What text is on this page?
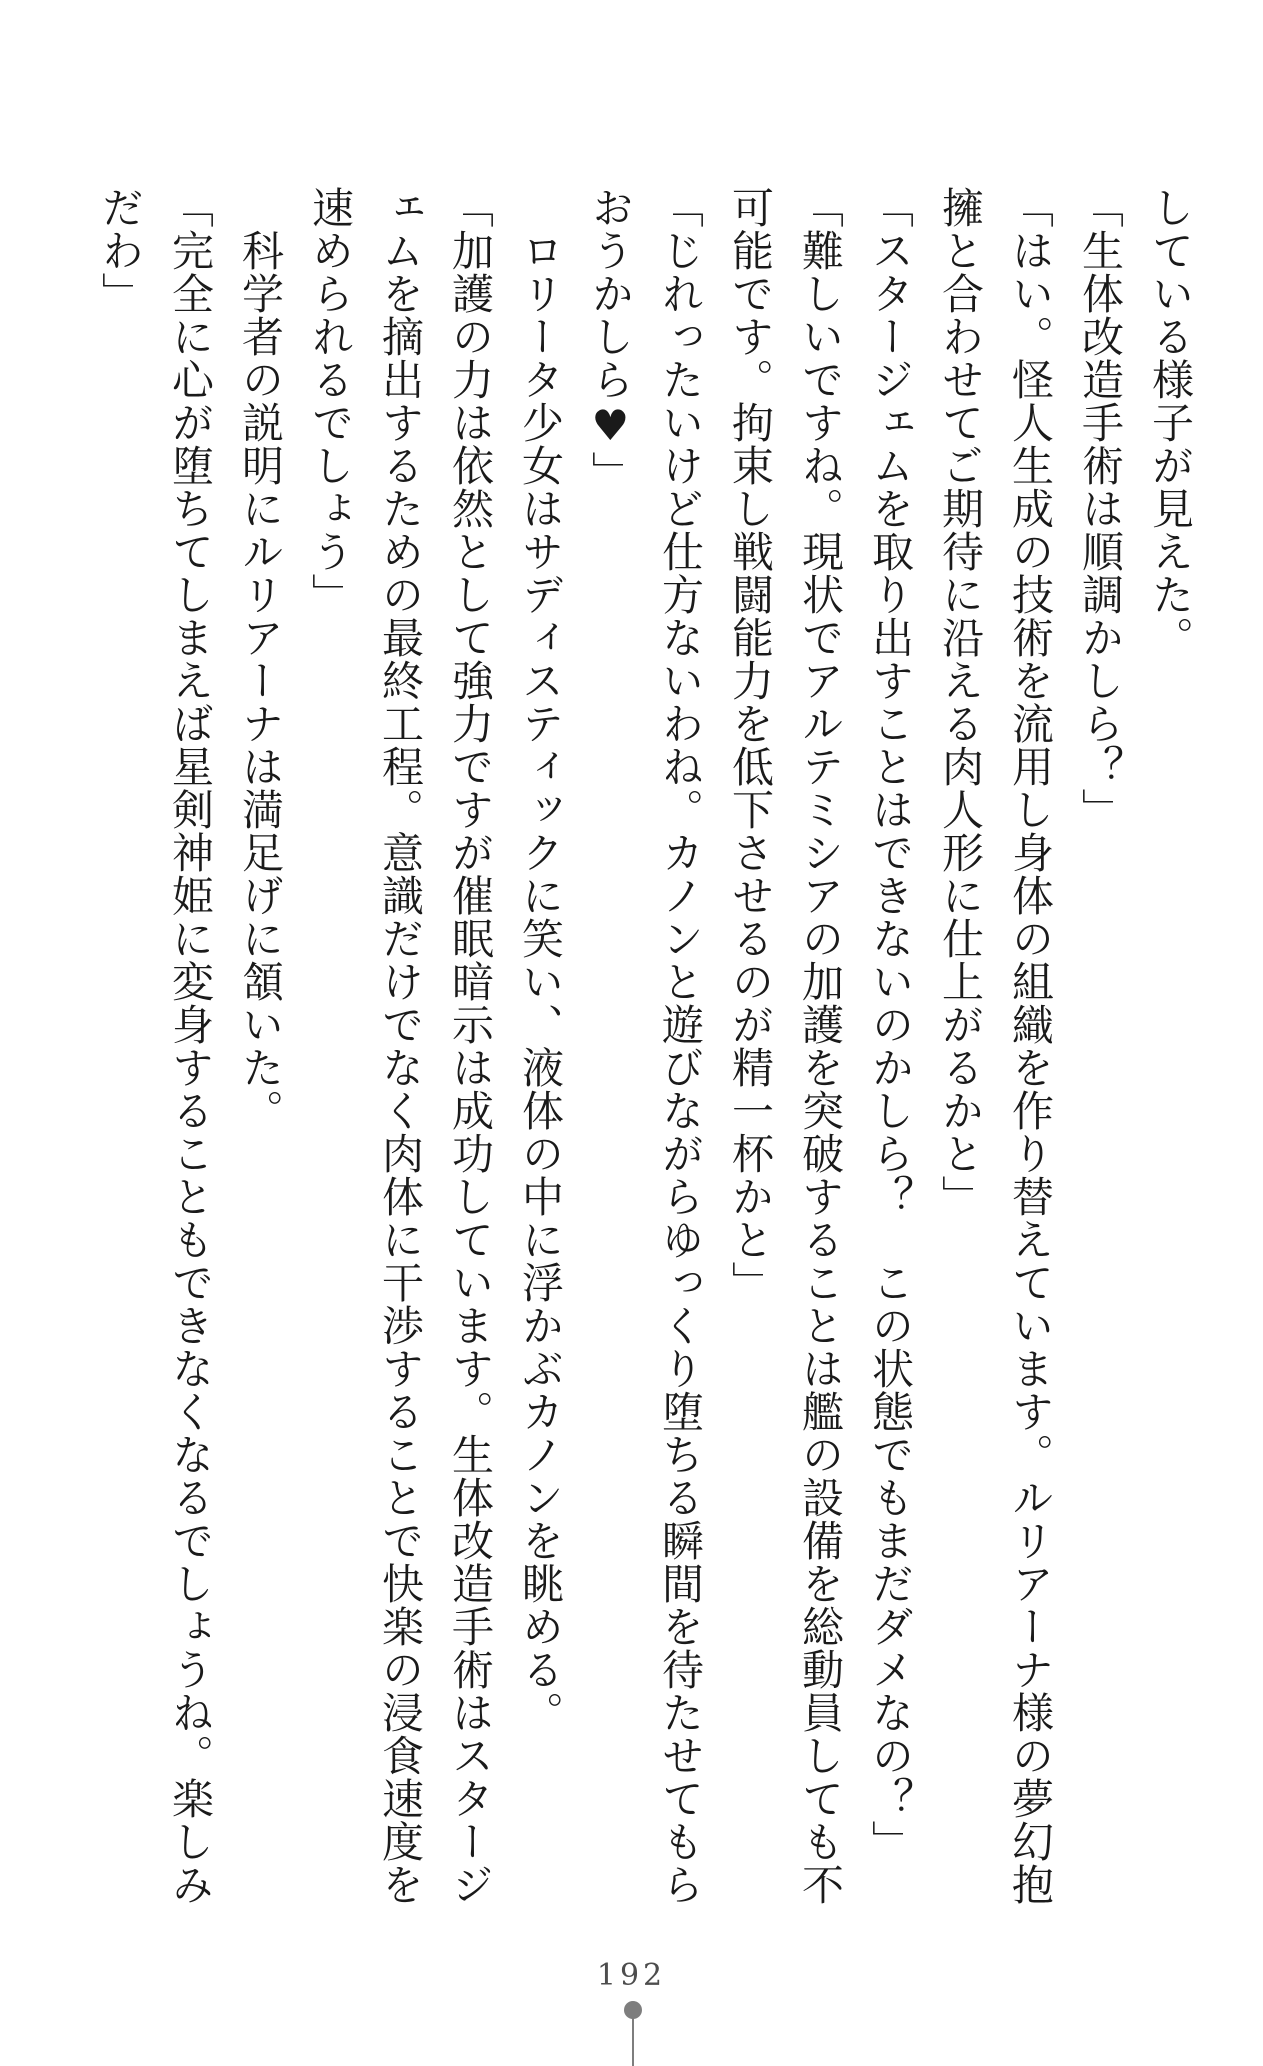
している様子が見えた。
「生体改造手術は順調かしら？」
「はい。怪人生成の技術を流用し身体の組織を作り替えています。ルリアーナ様の夢幻抱
擁と合わせてご期待に沿える肉人形に仕上がるかと」
「スタージェムを取り出すことはできないのかしら？　この状態でもまだダメなの？」
「難しいですね。現状でアルテミシアの加護を突破することは艦の設備を総動員しても不
可能です。拘束し戦闘能力を低下させるのが精一杯かと」
「じれったいけど仕方ないわね。カノンと遊びながらゆっくり堕ちる瞬間を待たせてもら
おうかしら♥」
　ロリータ少女はサディスティックに笑い、液体の中に浮かぶカノンを眺める。
「加護の力は依然として強力ですが催眠暗示は成功しています。生体改造手術はスタージ
ェムを摘出するための最終工程。意識だけでなく肉体に干渉することで快楽の浸食速度を
速められるでしょう」
　科学者の説明にルリアーナは満足げに頷いた。
「完全に心が堕ちてしまえば星剣神姫に変身することもできなくなるでしょうね。楽しみ
だわ」
192
